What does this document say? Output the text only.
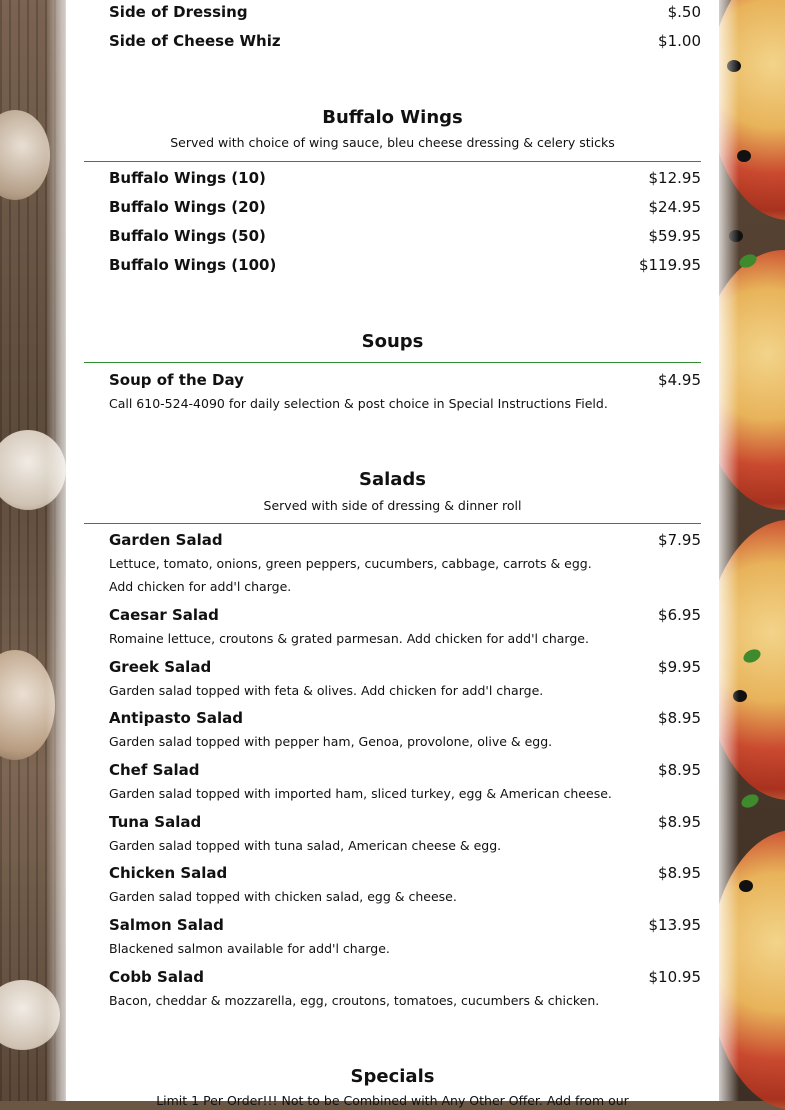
Side of Dressing	$.50
Side of Cheese Whiz	$1.00
Buffalo Wings
Served with choice of wing sauce, bleu cheese dressing & celery sticks
Buffalo Wings (10)	$12.95
Buffalo Wings (20)	$24.95
Buffalo Wings (50)	$59.95
Buffalo Wings (100)	$119.95
Soups
Soup of the Day	$4.95
Call 610-524-4090 for daily selection & post choice in Special Instructions Field.
Salads
Served with side of dressing & dinner roll
Garden Salad	$7.95
Lettuce, tomato, onions, green peppers, cucumbers, cabbage, carrots & egg. Add chicken for add'l charge.
Caesar Salad	$6.95
Romaine lettuce, croutons & grated parmesan. Add chicken for add'l charge.
Greek Salad	$9.95
Garden salad topped with feta & olives. Add chicken for add'l charge.
Antipasto Salad	$8.95
Garden salad topped with pepper ham, Genoa, provolone, olive & egg.
Chef Salad	$8.95
Garden salad topped with imported ham, sliced turkey, egg & American cheese.
Tuna Salad	$8.95
Garden salad topped with tuna salad, American cheese & egg.
Chicken Salad	$8.95
Garden salad topped with chicken salad, egg & cheese.
Salmon Salad	$13.95
Blackened salmon available for add'l charge.
Cobb Salad	$10.95
Bacon, cheddar & mozzarella, egg, croutons, tomatoes, cucumbers & chicken.
Specials
Limit 1 Per Order!!! Not to be Combined with Any Other Offer. Add from our
